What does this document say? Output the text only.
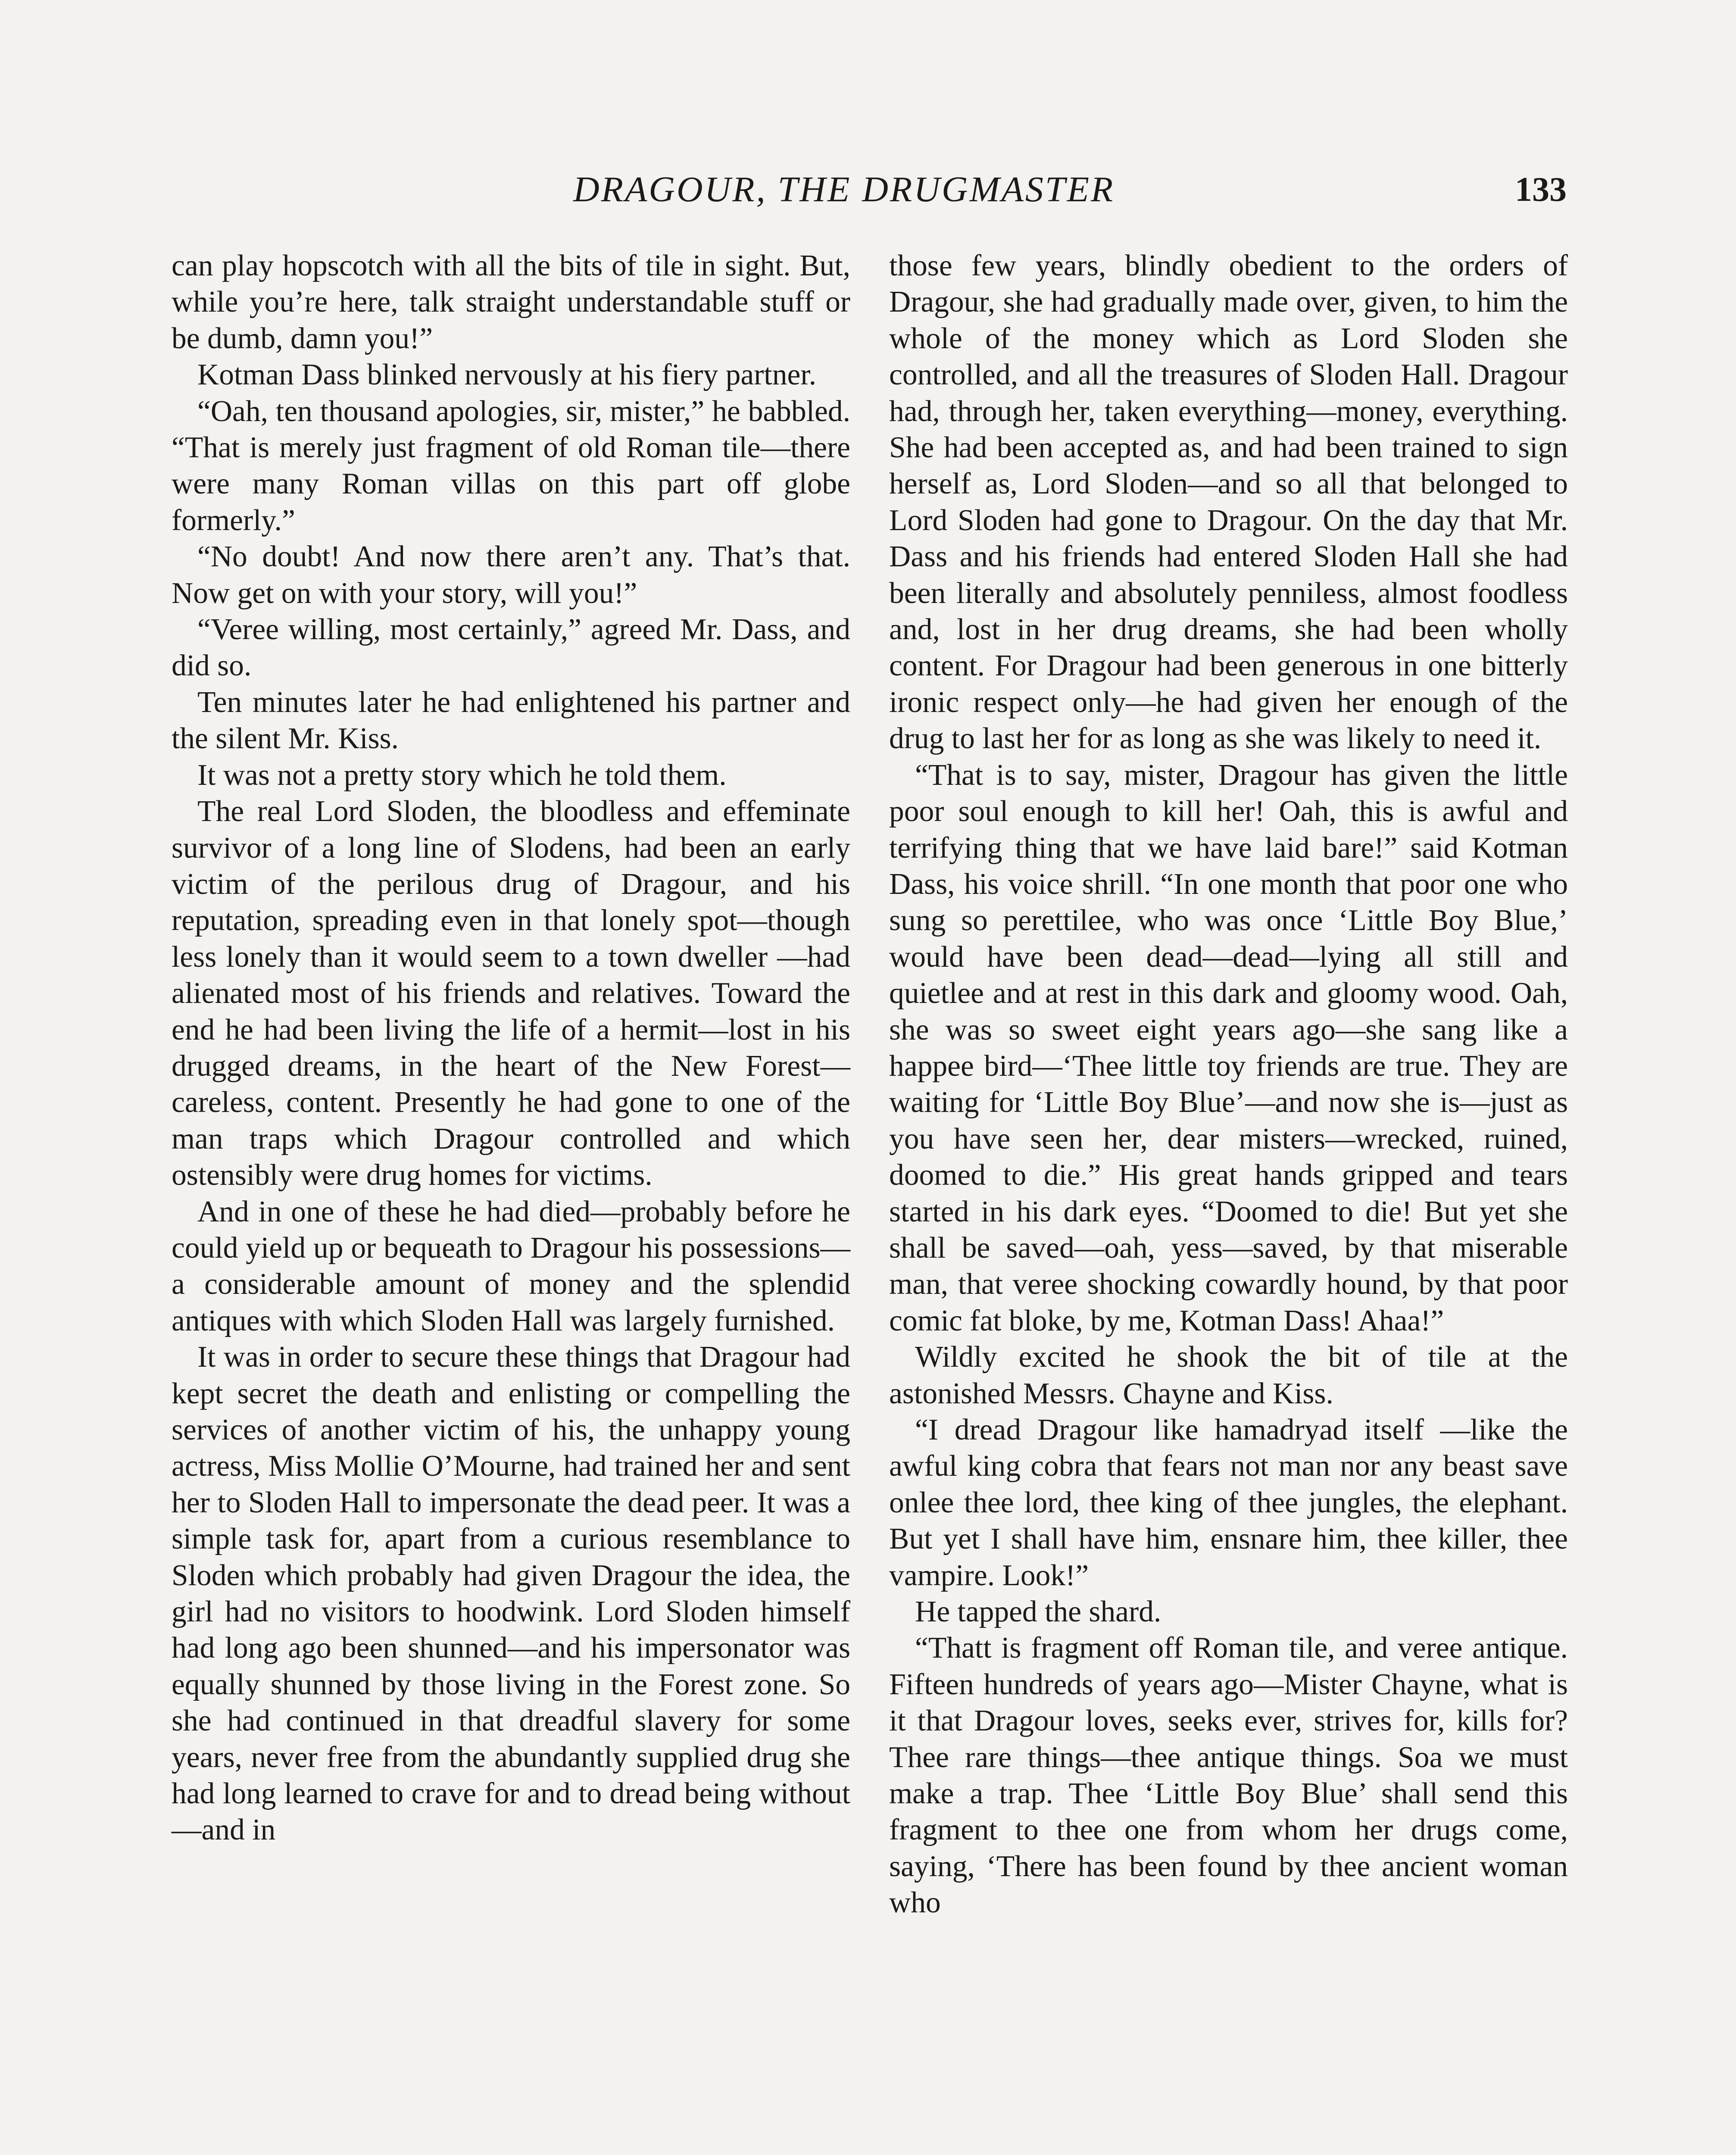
DRAGOUR, THE DRUGMASTER	133

can play hopscotch with all the bits of tile in sight. But, while you’re here, talk straight understandable stuff or be dumb, damn you!”

Kotman Dass blinked nervously at his fiery partner.

“Oah, ten thousand apologies, sir, mister,” he babbled. “That is merely just fragment of old Roman tile—there were many Roman villas on this part off globe formerly.”

“No doubt! And now there aren’t any. That’s that. Now get on with your story, will you!”

“Veree willing, most certainly,” agreed Mr. Dass, and did so.

Ten minutes later he had enlightened his partner and the silent Mr. Kiss.

It was not a pretty story which he told them.

The real Lord Sloden, the bloodless and effeminate survivor of a long line of Slodens, had been an early victim of the perilous drug of Dragour, and his reputation, spreading even in that lonely spot—though less lonely than it would seem to a town dweller —had alienated most of his friends and relatives. Toward the end he had been living the life of a hermit—lost in his drugged dreams, in the heart of the New Forest—careless, content. Presently he had gone to one of the man traps which Dragour controlled and which ostensibly were drug homes for victims.

And in one of these he had died—probably before he could yield up or bequeath to Dragour his possessions—a considerable amount of money and the splendid antiques with which Sloden Hall was largely furnished.

It was in order to secure these things that Dragour had kept secret the death and enlisting or compelling the services of another victim of his, the unhappy young actress, Miss Mollie O’Mourne, had trained her and sent her to Sloden Hall to impersonate the dead peer. It was a simple task for, apart from a curious resemblance to Sloden which probably had given Dragour the idea, the girl had no visitors to hoodwink. Lord Sloden himself had long ago been shunned—and his impersonator was equally shunned by those living in the Forest zone. So she had continued in that dreadful slavery for some years, never free from the abundantly supplied drug she had long learned to crave for and to dread being without—and in

those few years, blindly obedient to the orders of Dragour, she had gradually made over, given, to him the whole of the money which as Lord Sloden she controlled, and all the treasures of Sloden Hall. Dragour had, through her, taken everything—money, everything. She had been accepted as, and had been trained to sign herself as, Lord Sloden—and so all that belonged to Lord Sloden had gone to Dragour. On the day that Mr. Dass and his friends had entered Sloden Hall she had been literally and absolutely penniless, almost foodless and, lost in her drug dreams, she had been wholly content. For Dragour had been generous in one bitterly ironic respect only—he had given her enough of the drug to last her for as long as she was likely to need it.

“That is to say, mister, Dragour has given the little poor soul enough to kill her! Oah, this is awful and terrifying thing that we have laid bare!” said Kotman Dass, his voice shrill. “In one month that poor one who sung so perettilee, who was once ‘Little Boy Blue,’ would have been dead—dead—lying all still and quietlee and at rest in this dark and gloomy wood. Oah, she was so sweet eight years ago—she sang like a happee bird—‘Thee little toy friends are true. They are waiting for ‘Little Boy Blue’—and now she is—just as you have seen her, dear misters—wrecked, ruined, doomed to die.” His great hands gripped and tears started in his dark eyes. “Doomed to die! But yet she shall be saved—oah, yess—saved, by that miserable man, that veree shocking cowardly hound, by that poor comic fat bloke, by me, Kotman Dass! Ahaa!”

Wildly excited he shook the bit of tile at the astonished Messrs. Chayne and Kiss.

“I dread Dragour like hamadryad itself —like the awful king cobra that fears not man nor any beast save onlee thee lord, thee king of thee jungles, the elephant. But yet I shall have him, ensnare him, thee killer, thee vampire. Look!”

He tapped the shard.

“Thatt is fragment off Roman tile, and veree antique. Fifteen hundreds of years ago—Mister Chayne, what is it that Dragour loves, seeks ever, strives for, kills for? Thee rare things—thee antique things. Soa we must make a trap. Thee ‘Little Boy Blue’ shall send this fragment to thee one from whom her drugs come, saying, ‘There has been found by thee ancient woman who
